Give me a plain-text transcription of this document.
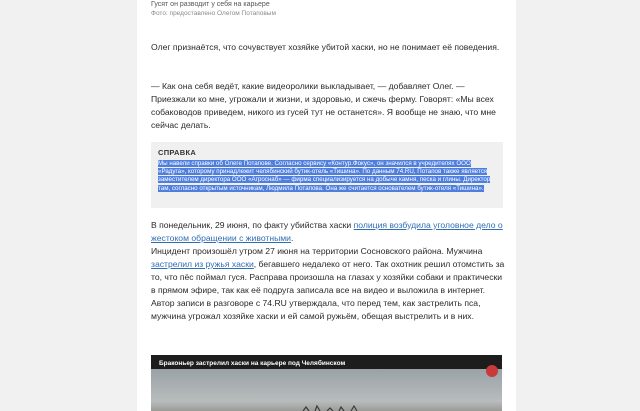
Гусят он разводит у себя на карьере
Фото: предоставлено Олегом Потаповым

Олег признаётся, что сочувствует хозяйке убитой хаски, но не понимает её поведения.

— Как она себя ведёт, какие видеоролики выкладывает, — добавляет Олег. — Приезжали ко мне, угрожали и жизни, и здоровью, и сжечь ферму. Говорят: «Мы всех собаководов приведем, никого из гусей тут не останется». Я вообще не знаю, что мне сейчас делать.

СПРАВКА

Мы навели справки об Олеге Потапове. Согласно сервису «Контур.Фокус», он значился в учредителях ООО «Радуга», которому принадлежит челябинский бутик-отель «Тишина». По данным 74.RU, Потапов также является заместителем директора ООО «Агроснаб» — фирма специализируется на добыче камня, песка и глины. Директор там, согласно открытым источникам, Людмила Потапова. Она же считается основателем бутик-отеля «Тишина».

В понедельник, 29 июня, по факту убийства хаски полиция возбудила уголовное дело о жестоком обращении с животными.

Инцидент произошёл утром 27 июня на территории Сосновского района. Мужчина застрелил из ружья хаски, бегавшего недалеко от него. Так охотник решил отомстить за то, что пёс поймал гуся. Расправа произошла на глазах у хозяйки собаки и практически в прямом эфире, так как её подруга записала все на видео и выложила в интернет. Автор записи в разговоре с 74.RU утверждала, что перед тем, как застрелить пса, мужчина угрожал хозяйке хаски и ей самой ружьём, обещая выстрелить и в них.

Браконьер застрелил хаски на карьере под Челябинском
